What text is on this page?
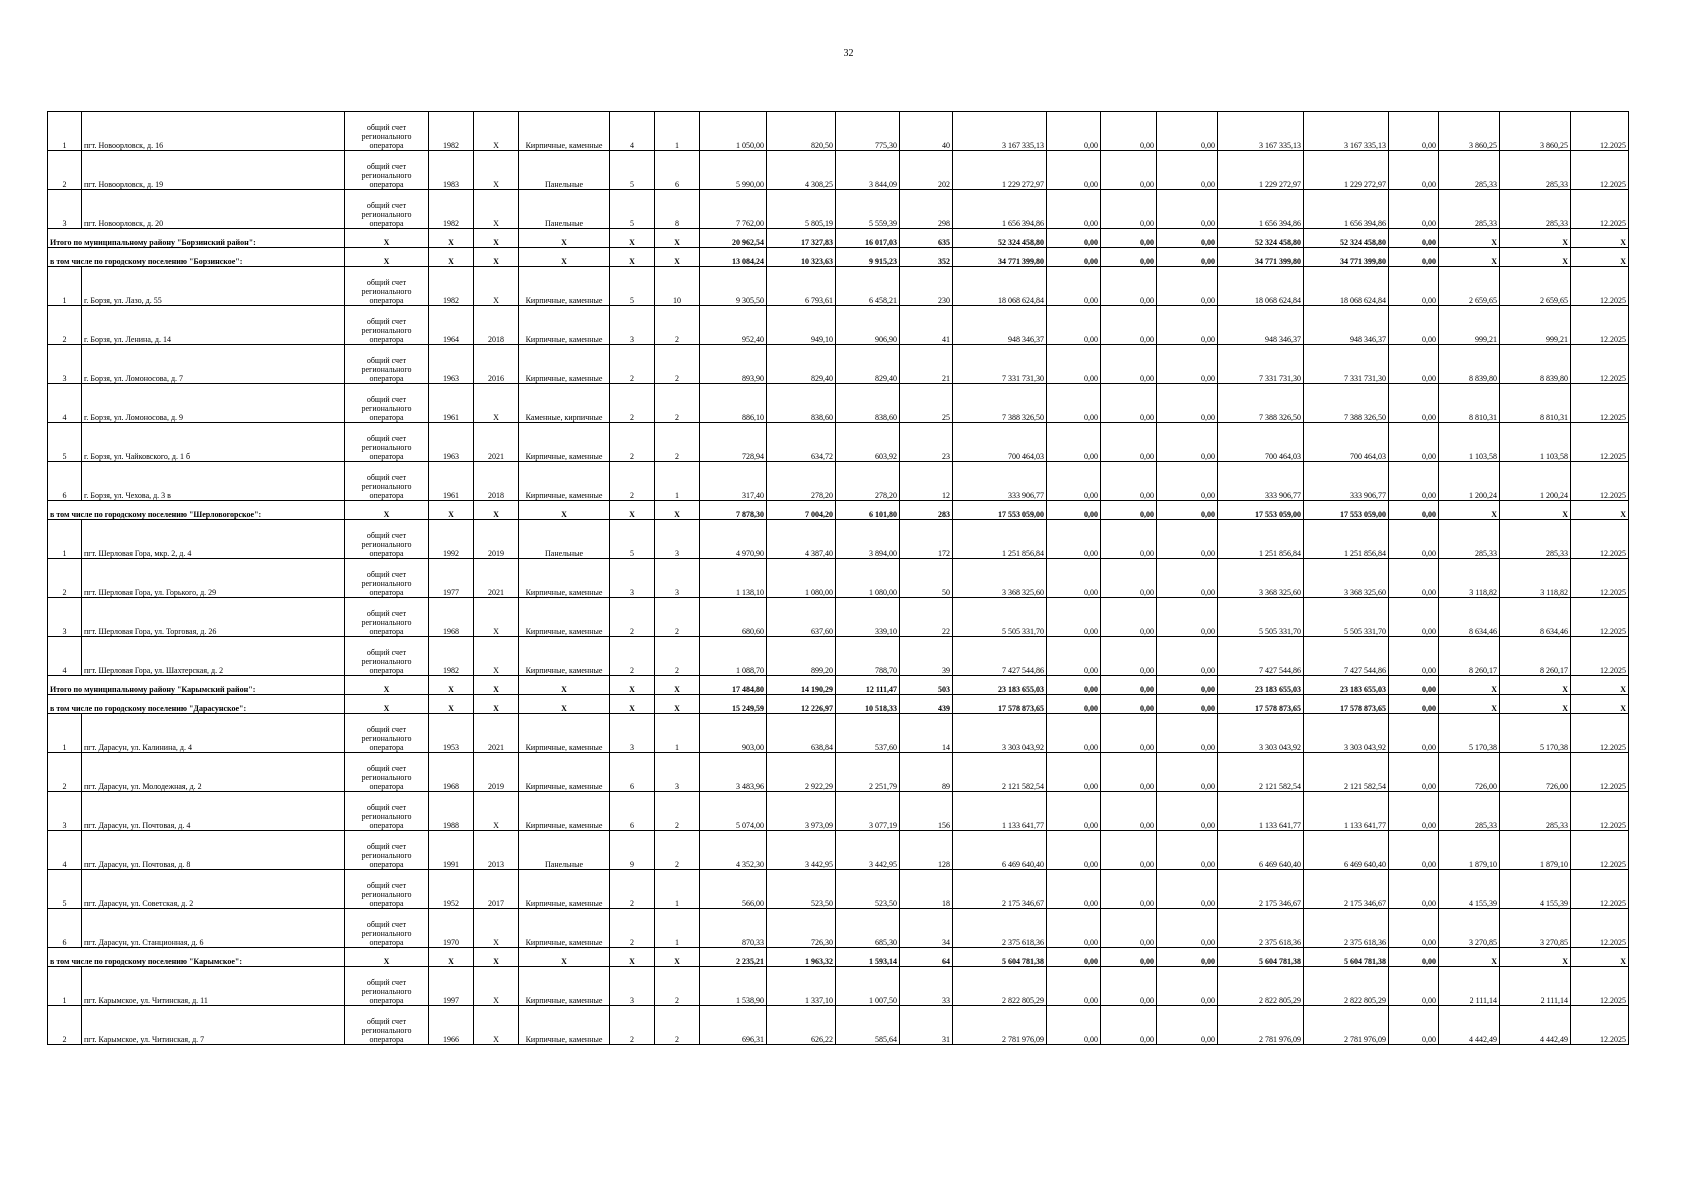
32
1	пгт. Новоорловск, д. 16	общий счет регионального оператора	1982	X	Кирпичные, каменные	4	1	1 050,00	820,50	775,30	40	3 167 335,13	0,00	0,00	0,00	3 167 335,13	3 167 335,13	0,00	3 860,25	3 860,25	12.2025
2	пгт. Новоорловск, д. 19	общий счет регионального оператора	1983	X	Панельные	5	6	5 990,00	4 308,25	3 844,09	202	1 229 272,97	0,00	0,00	0,00	1 229 272,97	1 229 272,97	0,00	285,33	285,33	12.2025
3	пгт. Новоорловск, д. 20	общий счет регионального оператора	1982	X	Панельные	5	8	7 762,00	5 805,19	5 559,39	298	1 656 394,86	0,00	0,00	0,00	1 656 394,86	1 656 394,86	0,00	285,33	285,33	12.2025
Итого по муниципальному району "Борзинский район":		X	X	X	X	X	X	20 962,54	17 327,83	16 017,03	635	52 324 458,80	0,00	0,00	0,00	52 324 458,80	52 324 458,80	0,00	X	X	X
в том числе по городскому поселению "Борзинское":		X	X	X	X	X	X	13 084,24	10 323,63	9 915,23	352	34 771 399,80	0,00	0,00	0,00	34 771 399,80	34 771 399,80	0,00	X	X	X
1	г. Борзя, ул. Лазо, д. 55	общий счет регионального оператора	1982	X	Кирпичные, каменные	5	10	9 305,50	6 793,61	6 458,21	230	18 068 624,84	0,00	0,00	0,00	18 068 624,84	18 068 624,84	0,00	2 659,65	2 659,65	12.2025
2	г. Борзя, ул. Ленина, д. 14	общий счет регионального оператора	1964	2018	Кирпичные, каменные	3	2	952,40	949,10	906,90	41	948 346,37	0,00	0,00	0,00	948 346,37	948 346,37	0,00	999,21	999,21	12.2025
3	г. Борзя, ул. Ломоносова, д. 7	общий счет регионального оператора	1963	2016	Кирпичные, каменные	2	2	893,90	829,40	829,40	21	7 331 731,30	0,00	0,00	0,00	7 331 731,30	7 331 731,30	0,00	8 839,80	8 839,80	12.2025
4	г. Борзя, ул. Ломоносова, д. 9	общий счет регионального оператора	1961	X	Каменные, кирпичные	2	2	886,10	838,60	838,60	25	7 388 326,50	0,00	0,00	0,00	7 388 326,50	7 388 326,50	0,00	8 810,31	8 810,31	12.2025
5	г. Борзя, ул. Чайковского, д. 1 б	общий счет регионального оператора	1963	2021	Кирпичные, каменные	2	2	728,94	634,72	603,92	23	700 464,03	0,00	0,00	0,00	700 464,03	700 464,03	0,00	1 103,58	1 103,58	12.2025
6	г. Борзя, ул. Чехова, д. 3 в	общий счет регионального оператора	1961	2018	Кирпичные, каменные	2	1	317,40	278,20	278,20	12	333 906,77	0,00	0,00	0,00	333 906,77	333 906,77	0,00	1 200,24	1 200,24	12.2025
в том числе по городскому поселению "Шерловогорское":		X	X	X	X	X	X	7 878,30	7 004,20	6 101,80	283	17 553 059,00	0,00	0,00	0,00	17 553 059,00	17 553 059,00	0,00	X	X	X
1	пгт. Шерловая Гора, мкр. 2, д. 4	общий счет регионального оператора	1992	2019	Панельные	5	3	4 970,90	4 387,40	3 894,00	172	1 251 856,84	0,00	0,00	0,00	1 251 856,84	1 251 856,84	0,00	285,33	285,33	12.2025
2	пгт. Шерловая Гора, ул. Горького, д. 29	общий счет регионального оператора	1977	2021	Кирпичные, каменные	3	3	1 138,10	1 080,00	1 080,00	50	3 368 325,60	0,00	0,00	0,00	3 368 325,60	3 368 325,60	0,00	3 118,82	3 118,82	12.2025
3	пгт. Шерловая Гора, ул. Торговая, д. 26	общий счет регионального оператора	1968	X	Кирпичные, каменные	2	2	680,60	637,60	339,10	22	5 505 331,70	0,00	0,00	0,00	5 505 331,70	5 505 331,70	0,00	8 634,46	8 634,46	12.2025
4	пгт. Шерловая Гора, ул. Шахтерская, д. 2	общий счет регионального оператора	1982	X	Кирпичные, каменные	2	2	1 088,70	899,20	788,70	39	7 427 544,86	0,00	0,00	0,00	7 427 544,86	7 427 544,86	0,00	8 260,17	8 260,17	12.2025
Итого по муниципальному району "Карымский район":		X	X	X	X	X	X	17 484,80	14 190,29	12 111,47	503	23 183 655,03	0,00	0,00	0,00	23 183 655,03	23 183 655,03	0,00	X	X	X
в том числе по городскому поселению "Дарасунское":		X	X	X	X	X	X	15 249,59	12 226,97	10 518,33	439	17 578 873,65	0,00	0,00	0,00	17 578 873,65	17 578 873,65	0,00	X	X	X
1	пгт. Дарасун, ул. Калинина, д. 4	общий счет регионального оператора	1953	2021	Кирпичные, каменные	3	1	903,00	638,84	537,60	14	3 303 043,92	0,00	0,00	0,00	3 303 043,92	3 303 043,92	0,00	5 170,38	5 170,38	12.2025
2	пгт. Дарасун, ул. Молодежная, д. 2	общий счет регионального оператора	1968	2019	Кирпичные, каменные	6	3	3 483,96	2 922,29	2 251,79	89	2 121 582,54	0,00	0,00	0,00	2 121 582,54	2 121 582,54	0,00	726,00	726,00	12.2025
3	пгт. Дарасун, ул. Почтовая, д. 4	общий счет регионального оператора	1988	X	Кирпичные, каменные	6	2	5 074,00	3 973,09	3 077,19	156	1 133 641,77	0,00	0,00	0,00	1 133 641,77	1 133 641,77	0,00	285,33	285,33	12.2025
4	пгт. Дарасун, ул. Почтовая, д. 8	общий счет регионального оператора	1991	2013	Панельные	9	2	4 352,30	3 442,95	3 442,95	128	6 469 640,40	0,00	0,00	0,00	6 469 640,40	6 469 640,40	0,00	1 879,10	1 879,10	12.2025
5	пгт. Дарасун, ул. Советская, д. 2	общий счет регионального оператора	1952	2017	Кирпичные, каменные	2	1	566,00	523,50	523,50	18	2 175 346,67	0,00	0,00	0,00	2 175 346,67	2 175 346,67	0,00	4 155,39	4 155,39	12.2025
6	пгт. Дарасун, ул. Станционная, д. 6	общий счет регионального оператора	1970	X	Кирпичные, каменные	2	1	870,33	726,30	685,30	34	2 375 618,36	0,00	0,00	0,00	2 375 618,36	2 375 618,36	0,00	3 270,85	3 270,85	12.2025
в том числе по городскому поселению "Карымское":		X	X	X	X	X	X	2 235,21	1 963,32	1 593,14	64	5 604 781,38	0,00	0,00	0,00	5 604 781,38	5 604 781,38	0,00	X	X	X
1	пгт. Карымское, ул. Читинская, д. 11	общий счет регионального оператора	1997	X	Кирпичные, каменные	3	2	1 538,90	1 337,10	1 007,50	33	2 822 805,29	0,00	0,00	0,00	2 822 805,29	2 822 805,29	0,00	2 111,14	2 111,14	12.2025
2	пгт. Карымское, ул. Читинская, д. 7	общий счет регионального оператора	1966	X	Кирпичные, каменные	2	2	696,31	626,22	585,64	31	2 781 976,09	0,00	0,00	0,00	2 781 976,09	2 781 976,09	0,00	4 442,49	4 442,49	12.2025
